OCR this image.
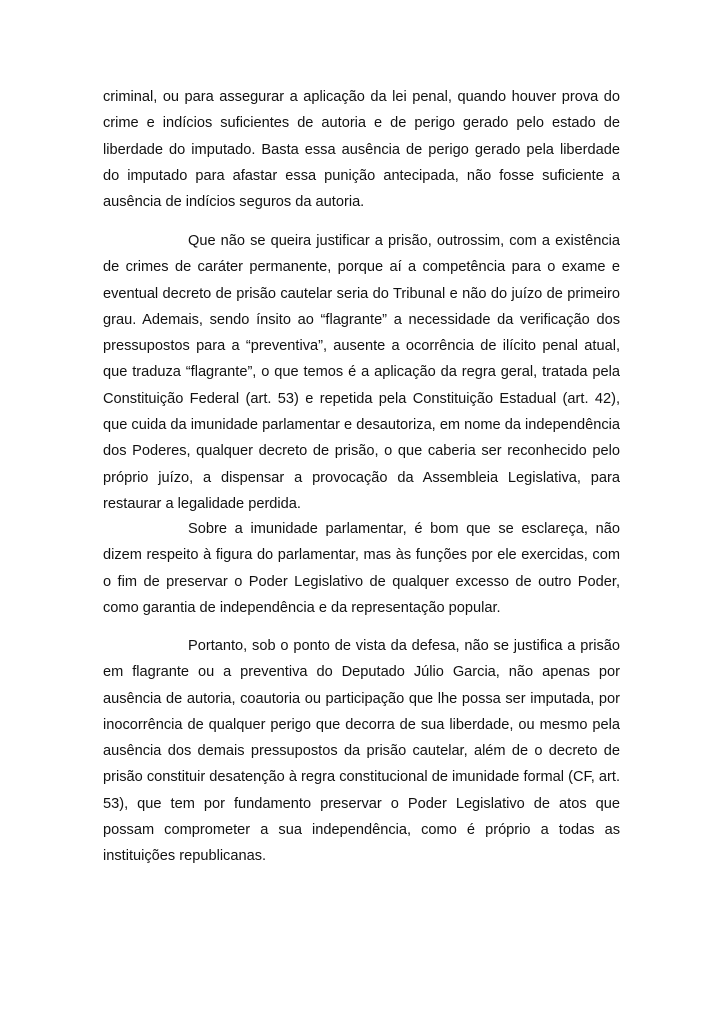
criminal, ou para assegurar a aplicação da lei penal, quando houver prova do crime e indícios suficientes de autoria e de perigo gerado pelo estado de liberdade do imputado. Basta essa ausência de perigo gerado pela liberdade do imputado para afastar essa punição antecipada, não fosse suficiente a ausência de indícios seguros da autoria.

Que não se queira justificar a prisão, outrossim, com a existência de crimes de caráter permanente, porque aí a competência para o exame e eventual decreto de prisão cautelar seria do Tribunal e não do juízo de primeiro grau. Ademais, sendo ínsito ao “flagrante” a necessidade da verificação dos pressupostos para a “preventiva”, ausente a ocorrência de ilícito penal atual, que traduza “flagrante”, o que temos é a aplicação da regra geral, tratada pela Constituição Federal (art. 53) e repetida pela Constituição Estadual (art. 42), que cuida da imunidade parlamentar e desautoriza, em nome da independência dos Poderes, qualquer decreto de prisão, o que caberia ser reconhecido pelo próprio juízo, a dispensar a provocação da Assembleia Legislativa, para restaurar a legalidade perdida.

Sobre a imunidade parlamentar, é bom que se esclareça, não dizem respeito à figura do parlamentar, mas às funções por ele exercidas, com o fim de preservar o Poder Legislativo de qualquer excesso de outro Poder, como garantia de independência e da representação popular.

Portanto, sob o ponto de vista da defesa, não se justifica a prisão em flagrante ou a preventiva do Deputado Júlio Garcia, não apenas por ausência de autoria, coautoria ou participação que lhe possa ser imputada, por inocorrência de qualquer perigo que decorra de sua liberdade, ou mesmo pela ausência dos demais pressupostos da prisão cautelar, além de o decreto de prisão constituir desatenção à regra constitucional de imunidade formal (CF, art. 53), que tem por fundamento preservar o Poder Legislativo de atos que possam comprometer a sua independência, como é próprio a todas as instituições republicanas.
